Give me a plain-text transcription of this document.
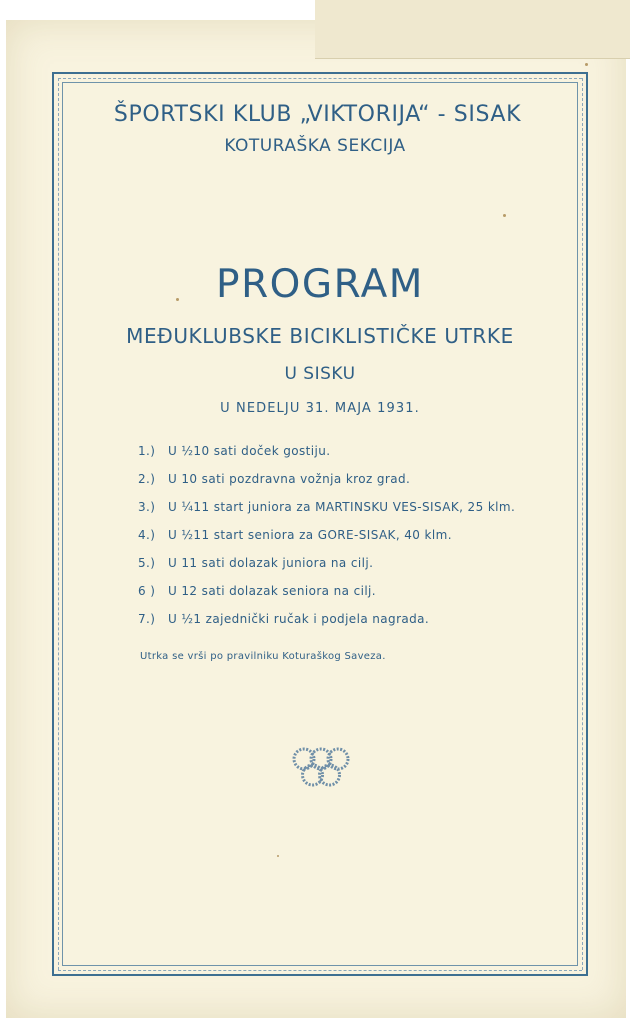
ŠPORTSKI KLUB „VIKTORIJA“ - SISAK
KOTURAŠKA SEKCIJA
PROGRAM
MEĐUKLUBSKE BICIKLISTIČKE UTRKE
U SISKU
U NEDELJU 31. MAJA 1931.
1.) U ½10 sati doček gostiju.
2.) U 10 sati pozdravna vožnja kroz grad.
3.) U ¼11 start juniora za MARTINSKU VES-SISAK, 25 klm.
4.) U ½11 start seniora za GORE-SISAK, 40 klm.
5.) U 11 sati dolazak juniora na cilj.
6 ) U 12 sati dolazak seniora na cilj.
7.) U ½1 zajednički ručak i podjela nagrada.
Utrka se vrši po pravilniku Koturaškog Saveza.
